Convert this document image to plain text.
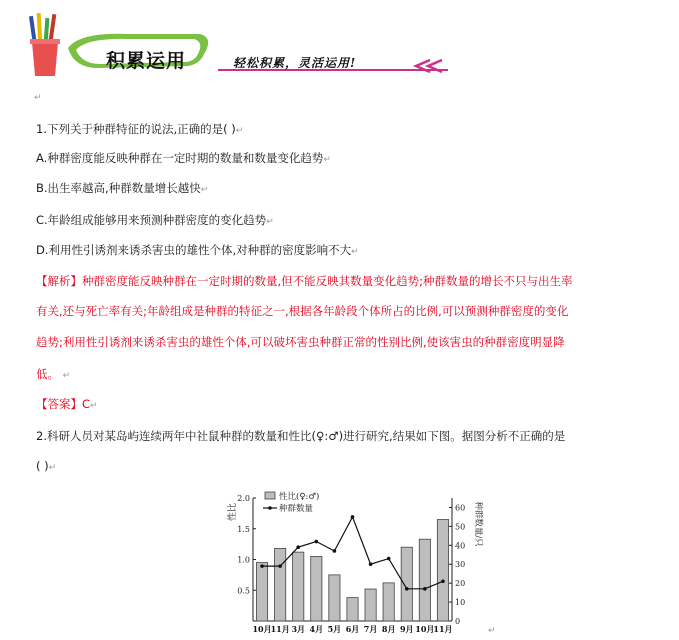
积累运用	轻松积累，灵活运用!
↵
1.下列关于种群特征的说法,正确的是( )↵
A.种群密度能反映种群在一定时期的数量和数量变化趋势↵
B.出生率越高,种群数量增长越快↵
C.年龄组成能够用来预测种群密度的变化趋势↵
D.利用性引诱剂来诱杀害虫的雄性个体,对种群的密度影响不大↵
【解析】种群密度能反映种群在一定时期的数量,但不能反映其数量变化趋势;种群数量的增长不只与出生率
有关,还与死亡率有关;年龄组成是种群的特征之一,根据各年龄段个体所占的比例,可以预测种群密度的变化
趋势;利用性引诱剂来诱杀害虫的雄性个体,可以破坏害虫种群正常的性别比例,使该害虫的种群密度明显降
低。 ↵
【答案】C↵
2.科研人员对某岛屿连续两年中社鼠种群的数量和性比(♀:♂)进行研究,结果如下图。据图分析不正确的是
( )↵
0.5
1.0
1.5
2.0
0
10
20
30
40
50
60
性比	种群数量/只
10月
11月 3月 4月 5月 6月 7月 8月 9月 10月
11月
性比(♀:♂)
种群数量
↵
